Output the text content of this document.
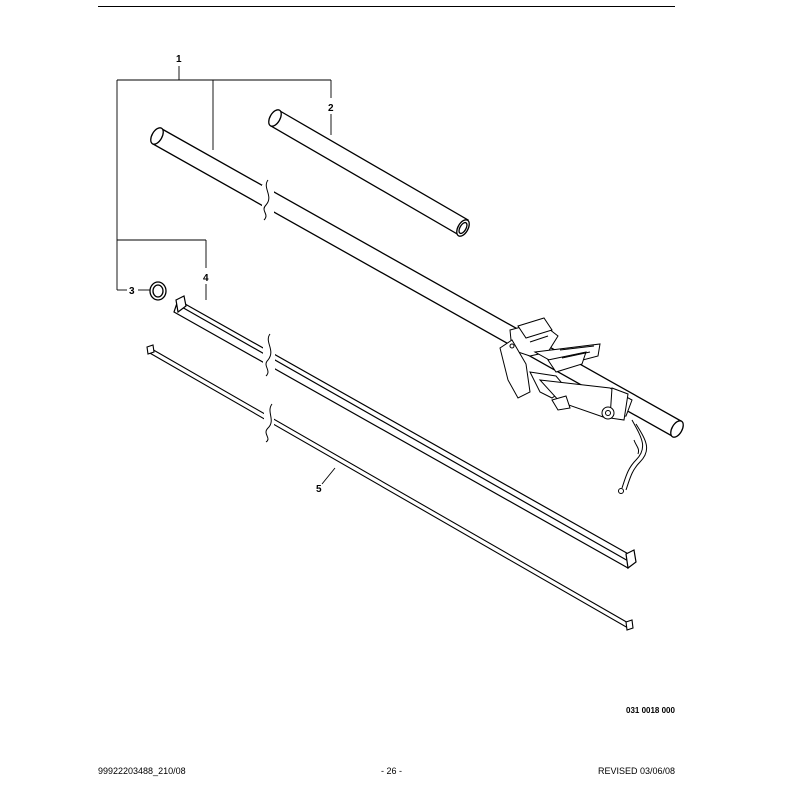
1
2
3
4
5
031 0018 000
99922203488_210/08	- 26 -	REVISED 03/06/08
